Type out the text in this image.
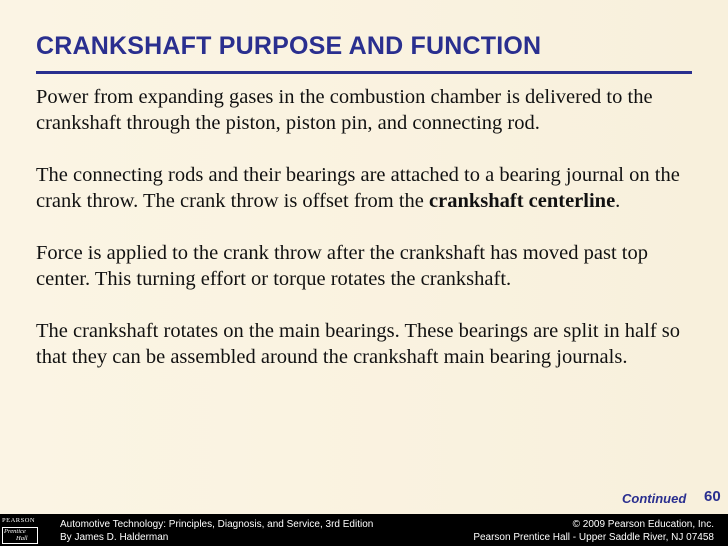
CRANKSHAFT PURPOSE AND FUNCTION

Power from expanding gases in the combustion chamber is delivered to the crankshaft through the piston, piston pin, and connecting rod.

The connecting rods and their bearings are attached to a bearing journal on the crank throw. The crank throw is offset from the crankshaft centerline.

Force is applied to the crank throw after the crankshaft has moved past top center. This turning effort or torque rotates the crankshaft.

The crankshaft rotates on the main bearings. These bearings are split in half so that they can be assembled around the crankshaft main bearing journals.

Continued 60
PEARSON
Prentice
Hall
Automotive Technology: Principles, Diagnosis, and Service, 3rd Edition
By James D. Halderman
© 2009 Pearson Education, Inc.
Pearson Prentice Hall - Upper Saddle River, NJ 07458
